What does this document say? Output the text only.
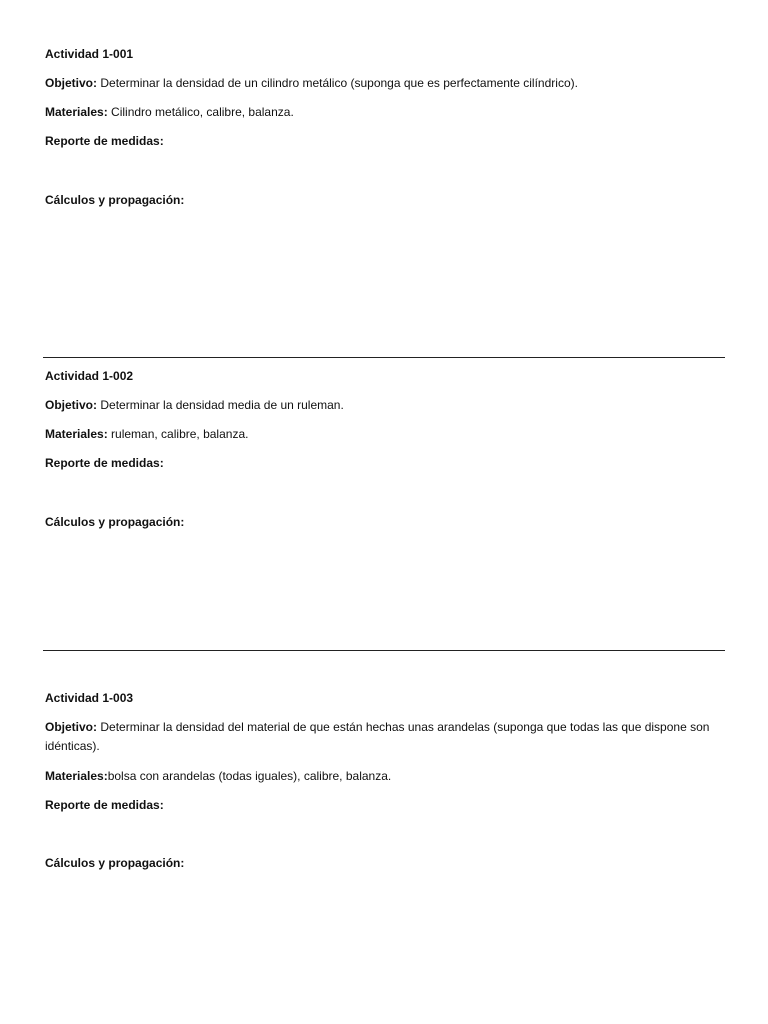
Actividad 1-001
Objetivo: Determinar la densidad de un cilindro metálico (suponga que es perfectamente cilíndrico).
Materiales: Cilindro metálico, calibre, balanza.
Reporte de medidas:
Cálculos y propagación:
Actividad 1-002
Objetivo: Determinar la densidad media de un ruleman.
Materiales: ruleman, calibre, balanza.
Reporte de medidas:
Cálculos y propagación:
Actividad 1-003
Objetivo: Determinar la densidad del material de que están hechas unas arandelas (suponga que todas las que dispone son idénticas).
Materiales:bolsa con arandelas (todas iguales), calibre, balanza.
Reporte de medidas:
Cálculos y propagación:
